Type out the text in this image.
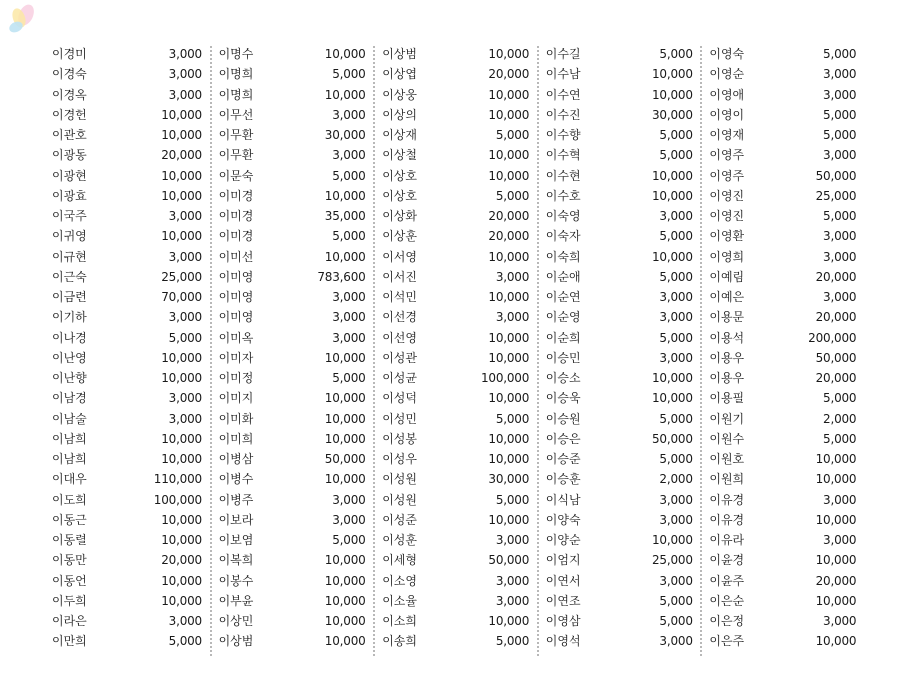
이경미	3,000
이경숙	3,000
이경옥	3,000
이경헌	10,000
이관호	10,000
이광동	20,000
이광현	10,000
이광효	10,000
이국주	3,000
이귀영	10,000
이규현	3,000
이근숙	25,000
이금련	70,000
이기하	3,000
이나경	5,000
이난영	10,000
이난향	10,000
이남경	3,000
이남술	3,000
이남희	10,000
이남희	10,000
이대우	110,000
이도희	100,000
이동근	10,000
이동렬	10,000
이동만	20,000
이동언	10,000
이두희	10,000
이라은	3,000
이만희	5,000
이명수	10,000
이명희	5,000
이명희	10,000
이무선	3,000
이무환	30,000
이무환	3,000
이문숙	5,000
이미경	10,000
이미경	35,000
이미경	5,000
이미선	10,000
이미영	783,600
이미영	3,000
이미영	3,000
이미옥	3,000
이미자	10,000
이미정	5,000
이미지	10,000
이미화	10,000
이미희	10,000
이병삼	50,000
이병수	10,000
이병주	3,000
이보라	3,000
이보염	5,000
이복희	10,000
이봉수	10,000
이부윤	10,000
이상민	10,000
이상범	10,000
이상범	10,000
이상엽	20,000
이상웅	10,000
이상의	10,000
이상재	5,000
이상철	10,000
이상호	10,000
이상호	5,000
이상화	20,000
이상훈	20,000
이서영	10,000
이서진	3,000
이석민	10,000
이선경	3,000
이선영	10,000
이성관	10,000
이성균	100,000
이성덕	10,000
이성민	5,000
이성봉	10,000
이성우	10,000
이성원	30,000
이성원	5,000
이성준	10,000
이성훈	3,000
이세형	50,000
이소영	3,000
이소율	3,000
이소희	10,000
이송희	5,000
이수길	5,000
이수남	10,000
이수연	10,000
이수진	30,000
이수향	5,000
이수혁	5,000
이수현	10,000
이수호	10,000
이숙영	3,000
이숙자	5,000
이숙희	10,000
이순애	5,000
이순연	3,000
이순영	3,000
이순희	5,000
이승민	3,000
이승소	10,000
이승욱	10,000
이승원	5,000
이승은	50,000
이승준	5,000
이승훈	2,000
이식남	3,000
이양숙	3,000
이양순	10,000
이엄지	25,000
이연서	3,000
이연조	5,000
이영삼	5,000
이영석	3,000
이영숙	5,000
이영순	3,000
이영애	3,000
이영이	5,000
이영재	5,000
이영주	3,000
이영주	50,000
이영진	25,000
이영진	5,000
이영환	3,000
이영희	3,000
이예림	20,000
이예은	3,000
이용문	20,000
이용석	200,000
이용우	50,000
이용우	20,000
이용필	5,000
이원기	2,000
이원수	5,000
이원호	10,000
이원희	10,000
이유경	3,000
이유경	10,000
이유라	3,000
이윤경	10,000
이윤주	20,000
이은순	10,000
이은정	3,000
이은주	10,000
